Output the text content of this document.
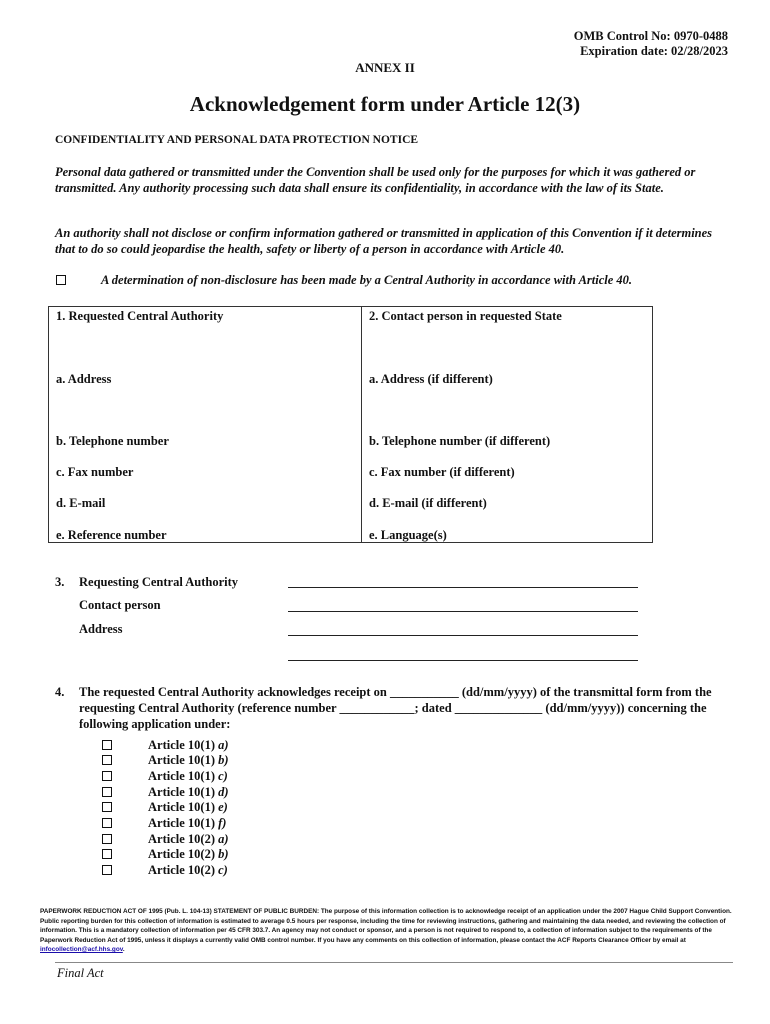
OMB Control No: 0970-0488
Expiration date: 02/28/2023
ANNEX II
Acknowledgement form under Article 12(3)
CONFIDENTIALITY AND PERSONAL DATA PROTECTION NOTICE
Personal data gathered or transmitted under the Convention shall be used only for the purposes for which it was gathered or transmitted. Any authority processing such data shall ensure its confidentiality, in accordance with the law of its State.
An authority shall not disclose or confirm information gathered or transmitted in application of this Convention if it determines that to do so could jeopardise the health, safety or liberty of a person in accordance with Article 40.
A determination of non-disclosure has been made by a Central Authority in accordance with Article 40.
1. Requested Central Authority
a. Address
b. Telephone number
c. Fax number
d. E-mail
e. Reference number
2. Contact person in requested State
a. Address (if different)
b. Telephone number (if different)
c. Fax number (if different)
d. E-mail (if different)
e. Language(s)
3. Requesting Central Authority
Contact person
Address
4. The requested Central Authority acknowledges receipt on ___________ (dd/mm/yyyy) of the transmittal form from the requesting Central Authority (reference number ____________; dated ______________ (dd/mm/yyyy)) concerning the following application under:
Article 10(1) a)
Article 10(1) b)
Article 10(1) c)
Article 10(1) d)
Article 10(1) e)
Article 10(1) f)
Article 10(2) a)
Article 10(2) b)
Article 10(2) c)
PAPERWORK REDUCTION ACT OF 1995 (Pub. L. 104-13) STATEMENT OF PUBLIC BURDEN: The purpose of this information collection is to acknowledge receipt of an application under the 2007 Hague Child Support Convention. Public reporting burden for this collection of information is estimated to average 0.5 hours per response, including the time for reviewing instructions, gathering and maintaining the data needed, and reviewing the collection of information. This is a mandatory collection of information per 45 CFR 303.7. An agency may not conduct or sponsor, and a person is not required to respond to, a collection of information subject to the requirements of the Paperwork Reduction Act of 1995, unless it displays a currently valid OMB control number. If you have any comments on this collection of information, please contact the ACF Reports Clearance Officer by email at infocollection@acf.hhs.gov.
Final Act
